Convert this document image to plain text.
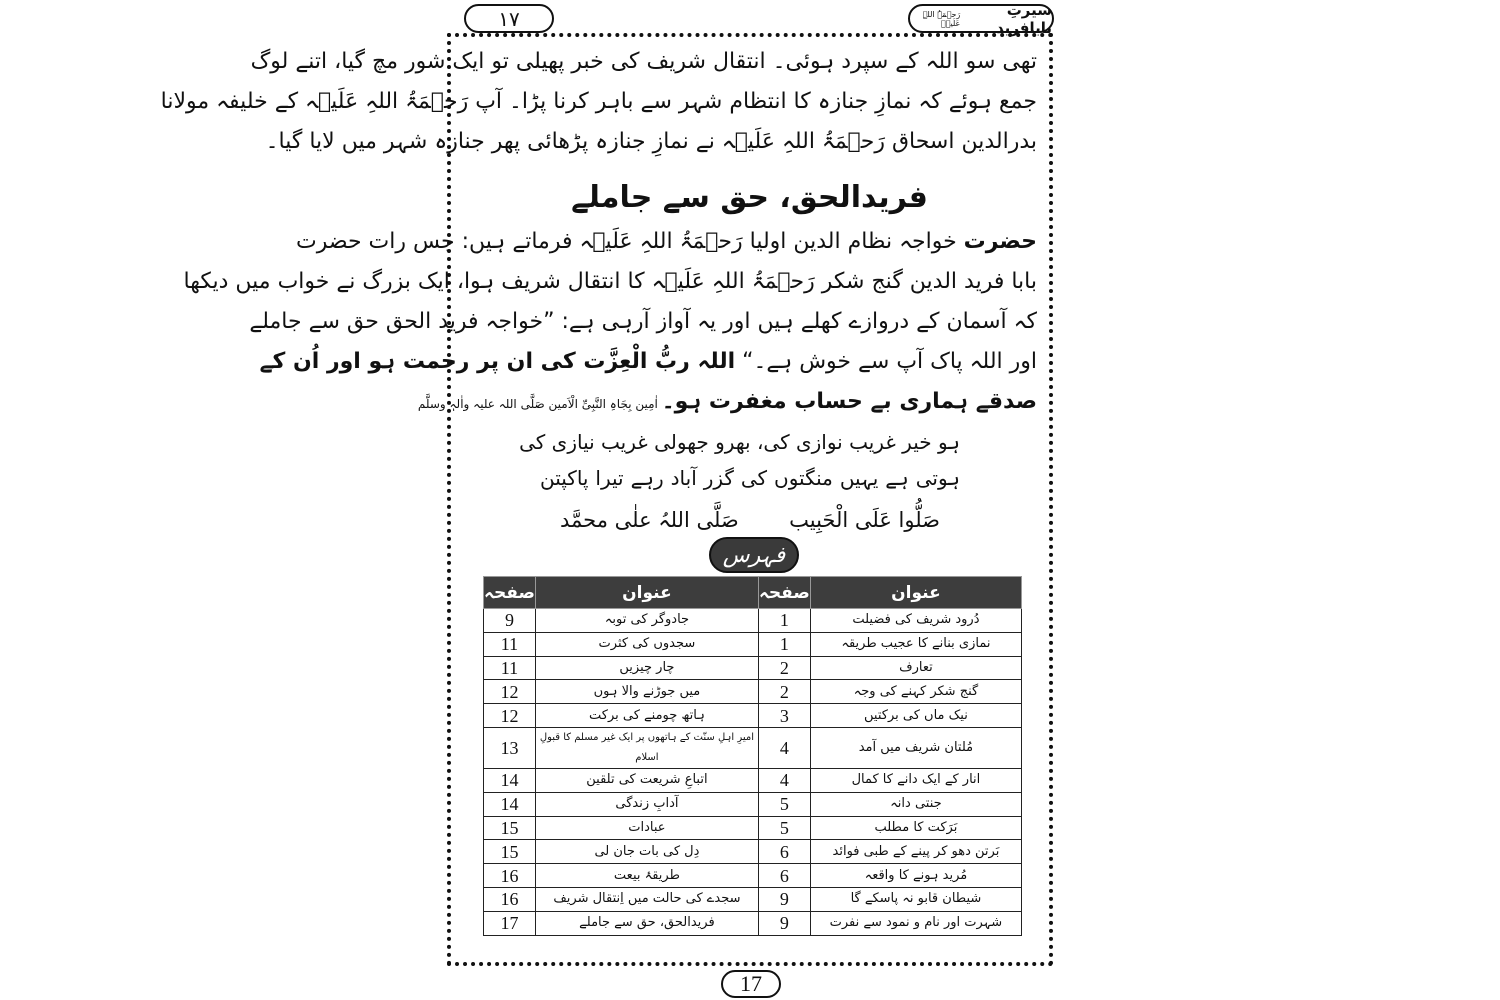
١٧	سیرتِ بابافرید
رَحۡمَۃُ اللہِ عَلَیۡہ
تھی سو اللہ کے سپرد ہوئی۔ انتقال شریف کی خبر پھیلی تو ایک شور مچ گیا، اتنے لوگ
جمع ہوئے کہ نمازِ جنازہ کا انتظام شہر سے باہر کرنا پڑا۔ آپ رَحۡمَۃُ اللہِ عَلَیۡہ کے خلیفہ مولانا
بدرالدین اسحاق رَحۡمَۃُ اللہِ عَلَیۡہ نے نمازِ جنازہ پڑھائی پھر جنازہ شہر میں لایا گیا۔
فریدالحق، حق سے جاملے
حضرت خواجہ نظام الدین اولیا رَحۡمَۃُ اللہِ عَلَیۡہ فرماتے ہیں: جس رات حضرت
بابا فرید الدین گنج شکر رَحۡمَۃُ اللہِ عَلَیۡہ کا انتقال شریف ہوا، ایک بزرگ نے خواب میں دیکھا
کہ آسمان کے دروازے کھلے ہیں اور یہ آواز آرہی ہے: ”خواجہ فرید الحق حق سے جاملے
اور اللہ پاک آپ سے خوش ہے۔“ اللہ ربُّ الْعِزَّت کی ان پر رحمت ہو اور اُن کے
صدقے ہماری بے حساب مغفرت ہو۔ اٰمِین بِجَاہِ النَّبِیِّ الْاَمین صَلَّی اللہ علیہ واٰلہٖ وسلَّم
ہو خیر غریب نوازی کی، بھرو جھولی غریب نیازی کی
ہوتی ہے یہیں منگتوں کی گزر آباد رہے تیرا پاکپتن
صَلُّوا عَلَی الْحَبِیب
صَلَّی اللہُ علٰی محمَّد
فہرس
عنوان	صفحہ	عنوان	صفحہ
دُرود شریف کی فضیلت	1	جادوگر کی توبہ	9
نمازی بنانے کا عجیب طریقہ	1	سجدوں کی کثرت	11
تعارف	2	چار چیزیں	11
گنج شکر کہنے کی وجہ	2	میں جوڑنے والا ہوں	12
نیک ماں کی برکتیں	3	ہاتھ چومنے کی برکت	12
مُلتان شریف میں آمد	4	امیرِ اہلِ سنّت کے ہاتھوں پر ایک غیر مسلم کا قبولِ اسلام	13
انار کے ایک دانے کا کمال	4	اتباعِ شریعت کی تلقین	14
جنتی دانہ	5	آدابِ زندگی	14
بَرَکت کا مطلب	5	عبادات	15
بَرتن دھو کر پینے کے طبی فوائد	6	دِل کی بات جان لی	15
مُرید ہونے کا واقعہ	6	طریقۂ بیعت	16
شیطان قابو نہ پاسکے گا	9	سجدے کی حالت میں اِنتقال شریف	16
شہرت اور نام و نمود سے نفرت	9	فریدالحق، حق سے جاملے	17
17
